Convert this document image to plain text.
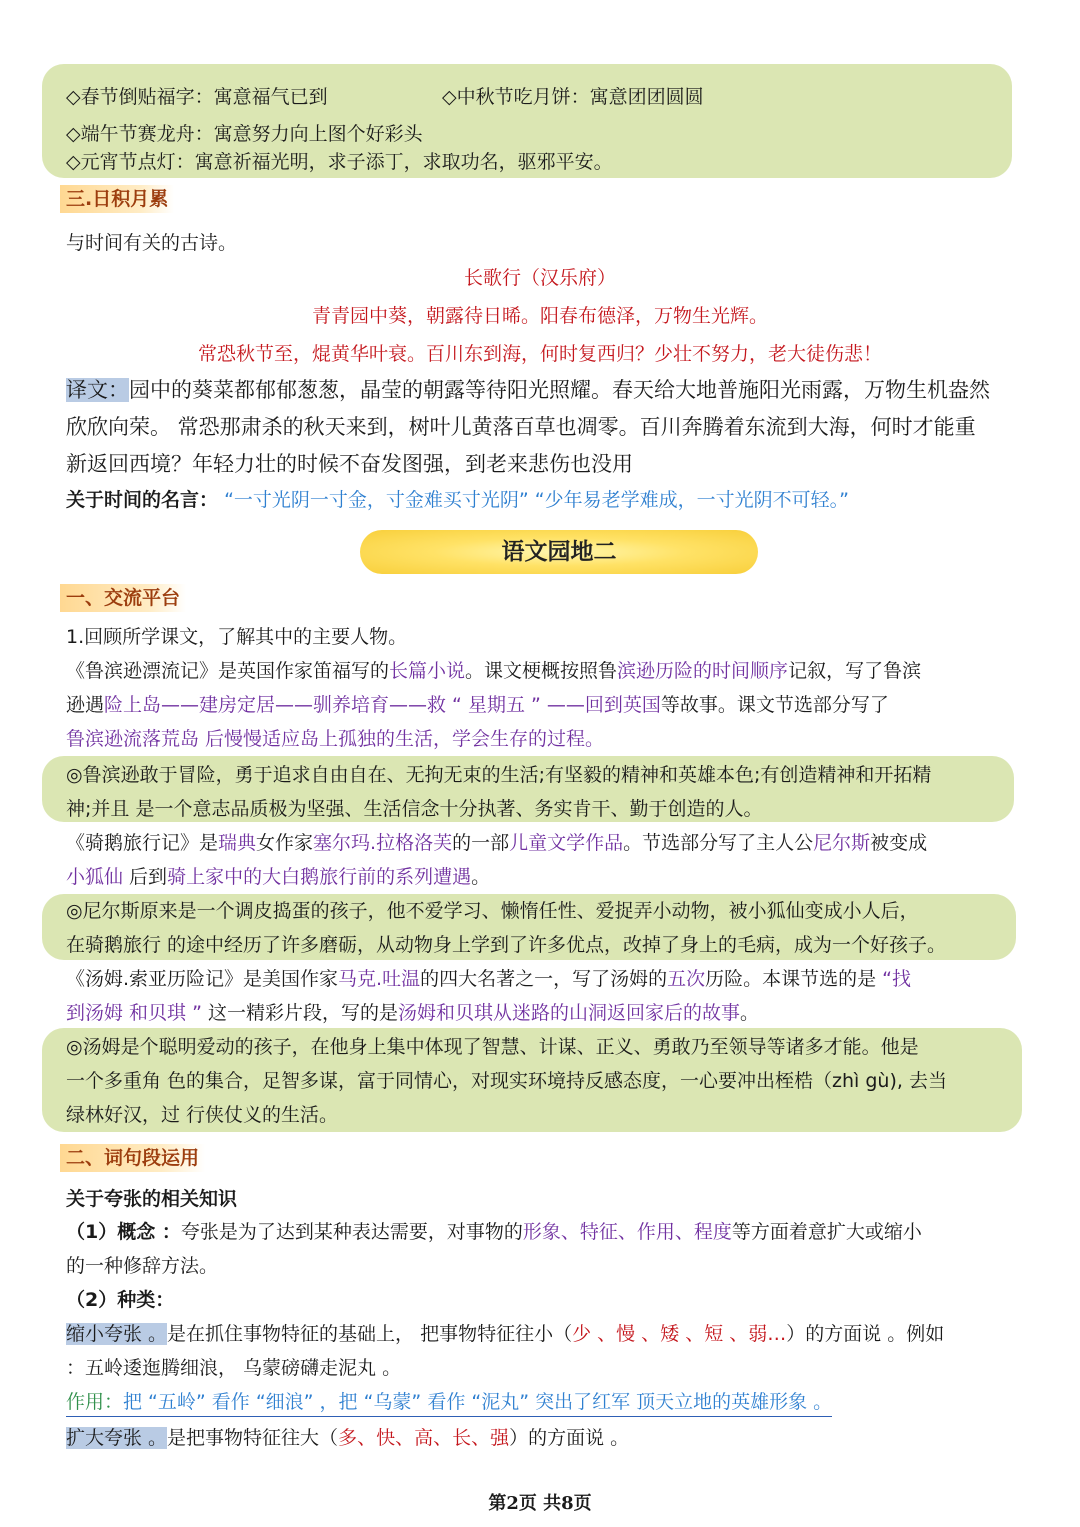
◇春节倒贴福字：寓意福气已到	◇中秋节吃月饼：寓意团团圆圆
◇端午节赛龙舟：寓意努力向上图个好彩头
◇元宵节点灯：寓意祈福光明，求子添丁，求取功名，驱邪平安。
三.日积月累
与时间有关的古诗。
长歌行（汉乐府）
青青园中葵，朝露待日晞。阳春布德泽，万物生光辉。
常恐秋节至，焜黄华叶衰。百川东到海，何时复西归？少壮不努力，老大徒伤悲！
译文：园中的葵菜都郁郁葱葱，晶莹的朝露等待阳光照耀。春天给大地普施阳光雨露，万物生机盎然
欣欣向荣。 常恐那肃杀的秋天来到，树叶儿黄落百草也凋零。百川奔腾着东流到大海，何时才能重
新返回西境？年轻力壮的时候不奋发图强，到老来悲伤也没用
关于时间的名言： “一寸光阴一寸金，寸金难买寸光阴” “少年易老学难成，一寸光阴不可轻。”
语文园地二
一、交流平台
1.回顾所学课文，了解其中的主要人物。
《鲁滨逊漂流记》是英国作家笛福写的长篇小说。课文梗概按照鲁滨逊历险的时间顺序记叙，写了鲁滨
逊遇险上岛——建房定居——驯养培育——救 “ 星期五 ” ——回到英国等故事。课文节选部分写了
鲁滨逊流落荒岛 后慢慢适应岛上孤独的生活，学会生存的过程。
◎鲁滨逊敢于冒险，勇于追求自由自在、无拘无束的生活;有坚毅的精神和英雄本色;有创造精神和开拓精
神;并且 是一个意志品质极为坚强、生活信念十分执著、务实肯干、勤于创造的人。
《骑鹅旅行记》是瑞典女作家塞尔玛.拉格洛芙的一部儿童文学作品。节选部分写了主人公尼尔斯被变成
小狐仙 后到骑上家中的大白鹅旅行前的系列遭遇。
◎尼尔斯原来是一个调皮捣蛋的孩子，他不爱学习、懒惰任性、爱捉弄小动物，被小狐仙变成小人后，
在骑鹅旅行 的途中经历了许多磨砺，从动物身上学到了许多优点，改掉了身上的毛病，成为一个好孩子。
《汤姆.索亚历险记》是美国作家马克.吐温的四大名著之一，写了汤姆的五次历险。本课节选的是 “找
到汤姆 和贝琪 ” 这一精彩片段，写的是汤姆和贝琪从迷路的山洞返回家后的故事。
◎汤姆是个聪明爱动的孩子，在他身上集中体现了智慧、计谋、正义、勇敢乃至领导等诸多才能。他是
一个多重角 色的集合，足智多谋，富于同情心，对现实环境持反感态度，一心要冲出桎梏（zhì gù), 去当
绿林好汉，过 行侠仗义的生活。
二、词句段运用
关于夸张的相关知识
（1）概念 ：夸张是为了达到某种表达需要，对事物的形象、特征、作用、程度等方面着意扩大或缩小
的一种修辞方法。
（2）种类：
缩小夸张 。是在抓住事物特征的基础上， 把事物特征往小（少 、慢 、矮 、短 、弱…）的方面说 。例如
：五岭逶迤腾细浪， 乌蒙磅礴走泥丸 。
作用：把 “五岭” 看作 “细浪” ，把 “乌蒙” 看作 “泥丸” 突出了红军 顶天立地的英雄形象 。
扩大夸张 。是把事物特征往大（多、快、高、长、强）的方面说 。
第2页 共8页
